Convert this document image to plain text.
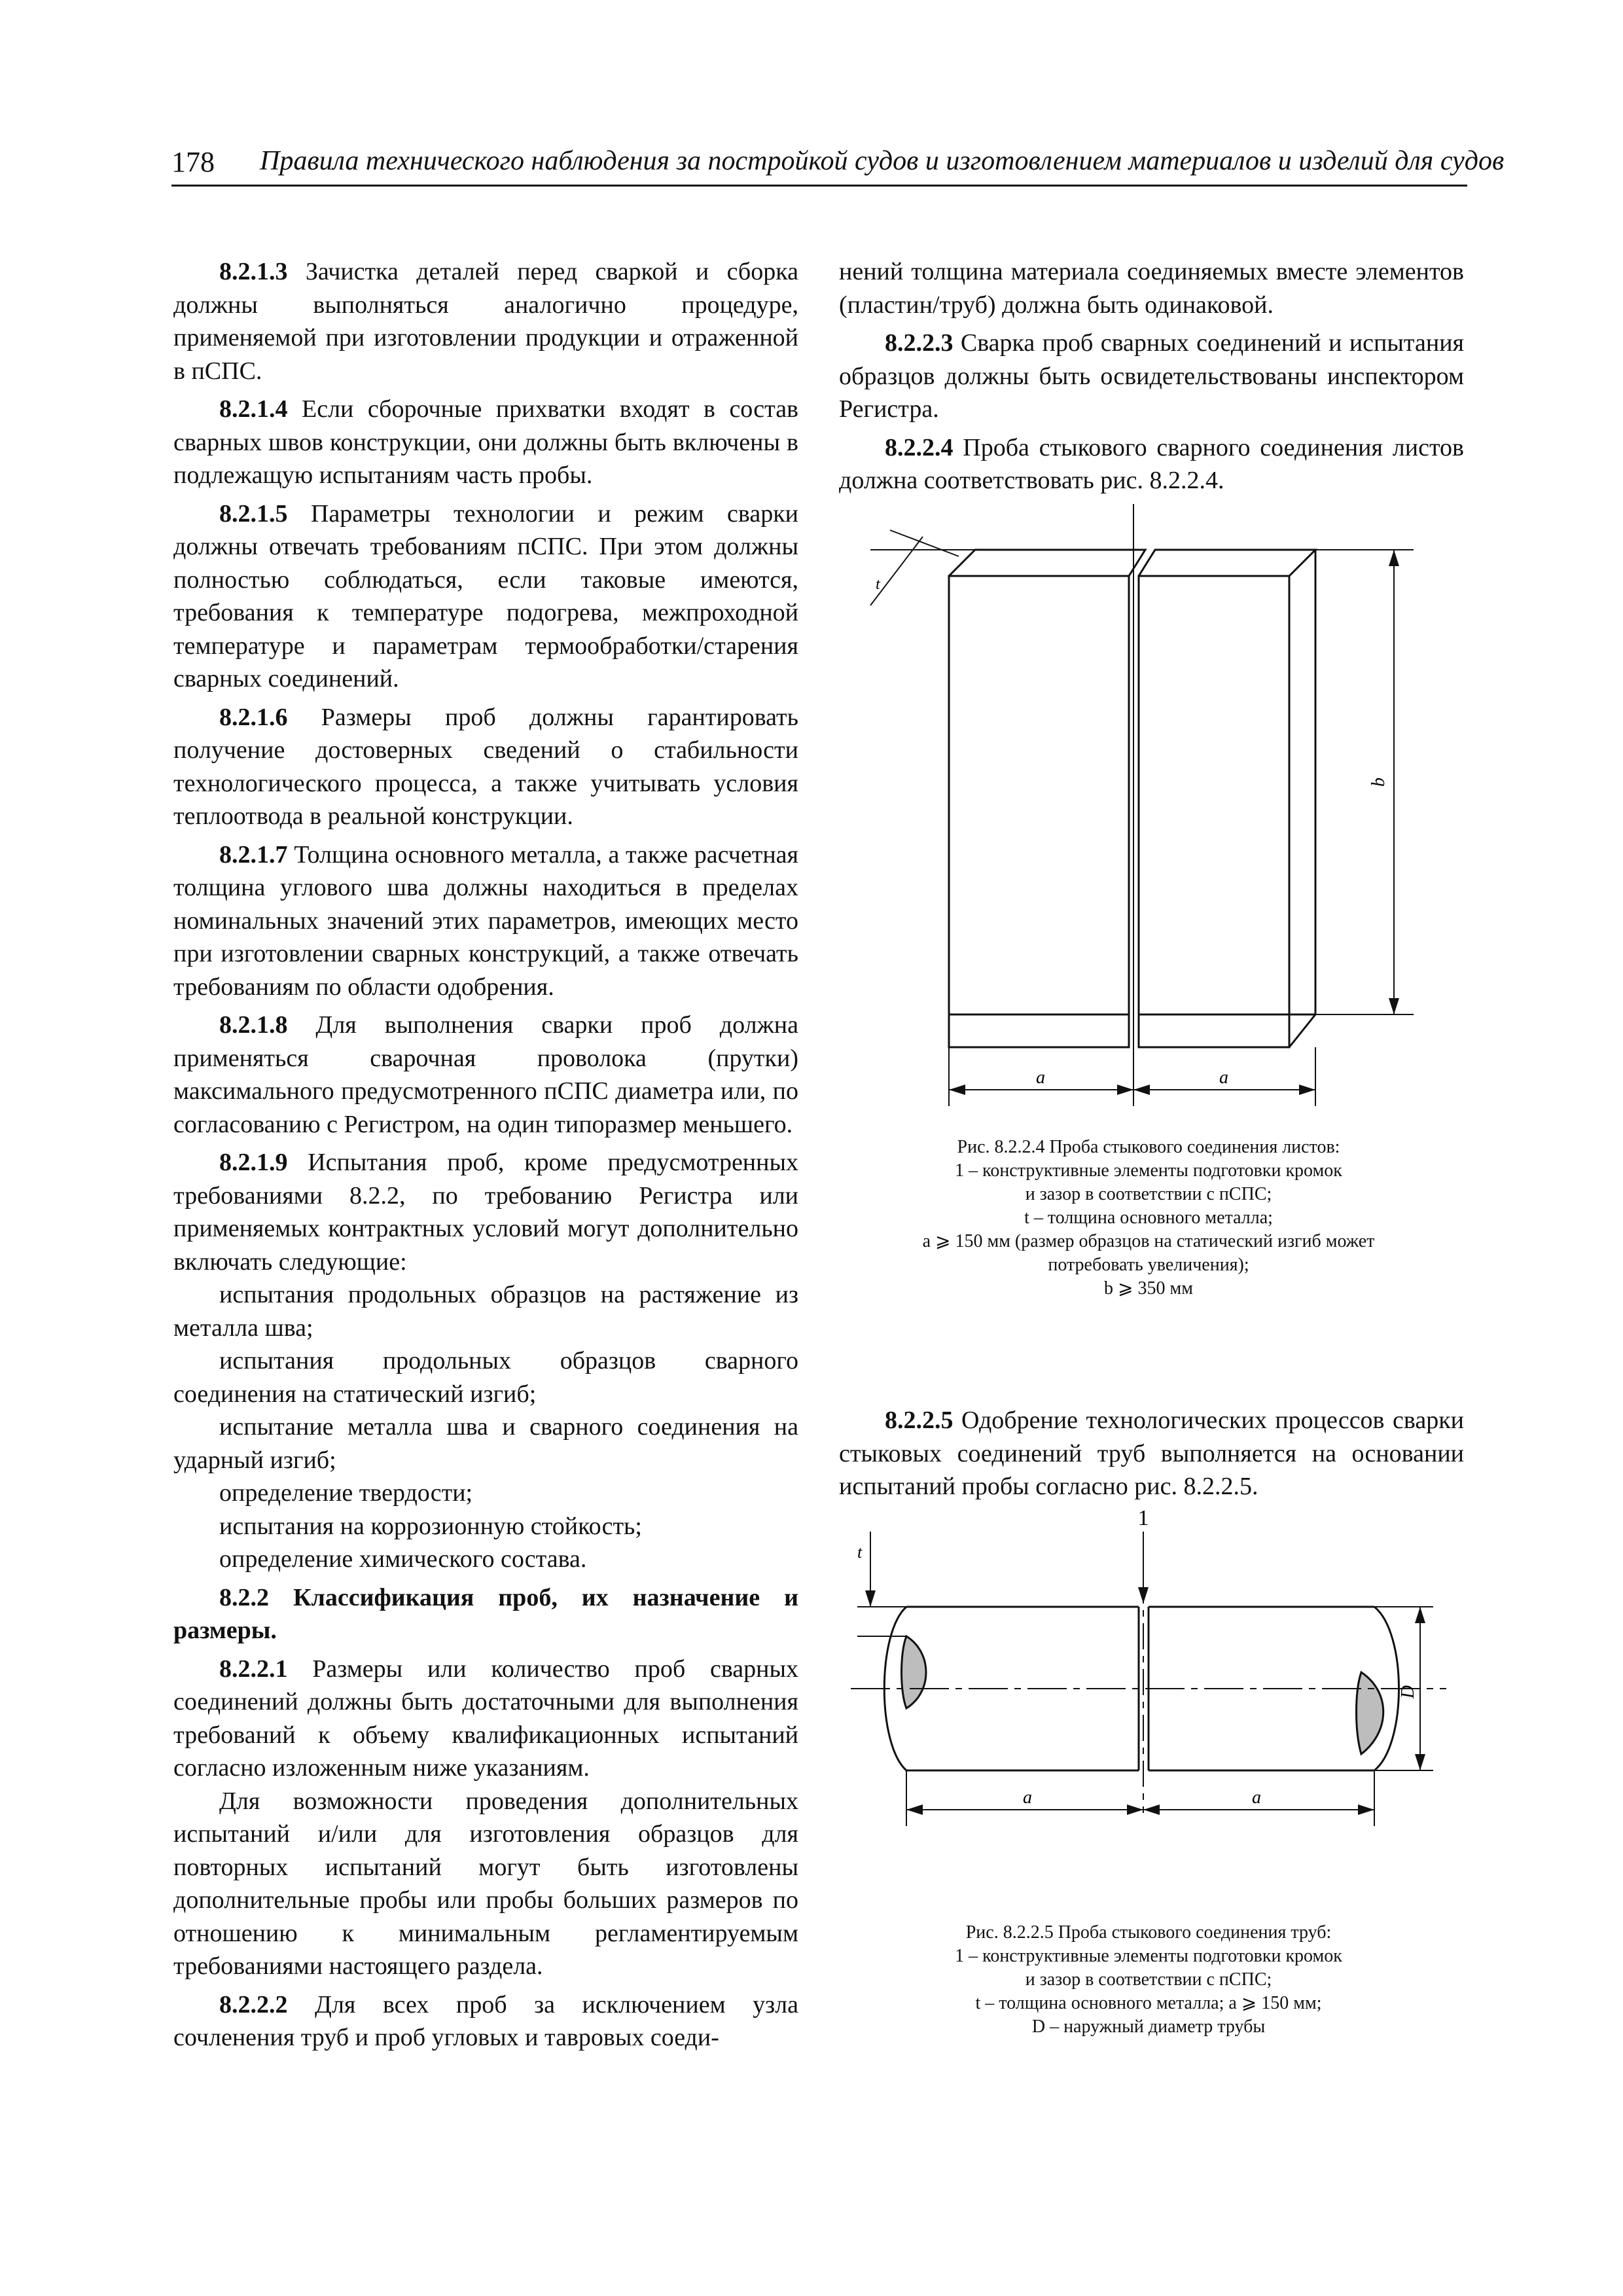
178 Правила технического наблюдения за постройкой судов и изготовлением материалов и изделий для судов

8.2.1.3 Зачистка деталей перед сваркой и сборка должны выполняться аналогично процедуре, применяемой при изготовлении продукции и отраженной в пСПС.

8.2.1.4 Если сборочные прихватки входят в состав сварных швов конструкции, они должны быть включены в подлежащую испытаниям часть пробы.

8.2.1.5 Параметры технологии и режим сварки должны отвечать требованиям пСПС. При этом должны полностью соблюдаться, если таковые имеются, требования к температуре подогрева, межпроходной температуре и параметрам термообработки/старения сварных соединений.

8.2.1.6 Размеры проб должны гарантировать получение достоверных сведений о стабильности технологического процесса, а также учитывать условия теплоотвода в реальной конструкции.

8.2.1.7 Толщина основного металла, а также расчетная толщина углового шва должны находиться в пределах номинальных значений этих параметров, имеющих место при изготовлении сварных конструкций, а также отвечать требованиям по области одобрения.

8.2.1.8 Для выполнения сварки проб должна применяться сварочная проволока (прутки) максимального предусмотренного пСПС диаметра или, по согласованию с Регистром, на один типоразмер меньшего.

8.2.1.9 Испытания проб, кроме предусмотренных требованиями 8.2.2, по требованию Регистра или применяемых контрактных условий могут дополнительно включать следующие:

испытания продольных образцов на растяжение из металла шва;

испытания продольных образцов сварного соединения на статический изгиб;

испытание металла шва и сварного соединения на ударный изгиб;

определение твердости;

испытания на коррозионную стойкость;

определение химического состава.

8.2.2 Классификация проб, их назначение и размеры.

8.2.2.1 Размеры или количество проб сварных соединений должны быть достаточными для выполнения требований к объему квалификационных испытаний согласно изложенным ниже указаниям.

Для возможности проведения дополнительных испытаний и/или для изготовления образцов для повторных испытаний могут быть изготовлены дополнительные пробы или пробы больших размеров по отношению к минимальным регламентируемым требованиями настоящего раздела.

8.2.2.2 Для всех проб за исключением узла сочленения труб и проб угловых и тавровых соеди-

нений толщина материала соединяемых вместе элементов (пластин/труб) должна быть одинаковой.

8.2.2.3 Сварка проб сварных соединений и испытания образцов должны быть освидетельствованы инспектором Регистра.

8.2.2.4 Проба стыкового сварного соединения листов должна соответствовать рис. 8.2.2.4.

a	a
b
t
Рис. 8.2.2.4 Проба стыкового соединения листов:
1 – конструктивные элементы подготовки кромок
и зазор в соответствии с пСПС;
t – толщина основного металла;
a ⩾ 150 мм (размер образцов на статический изгиб может
потребовать увеличения);
b ⩾ 350 мм

8.2.2.5 Одобрение технологических процессов сварки стыковых соединений труб выполняется на основании испытаний пробы согласно рис. 8.2.2.5.

1
t
D
a	a
Рис. 8.2.2.5 Проба стыкового соединения труб:
1 – конструктивные элементы подготовки кромок
и зазор в соответствии с пСПС;
t – толщина основного металла; a ⩾ 150 мм;
D – наружный диаметр трубы
